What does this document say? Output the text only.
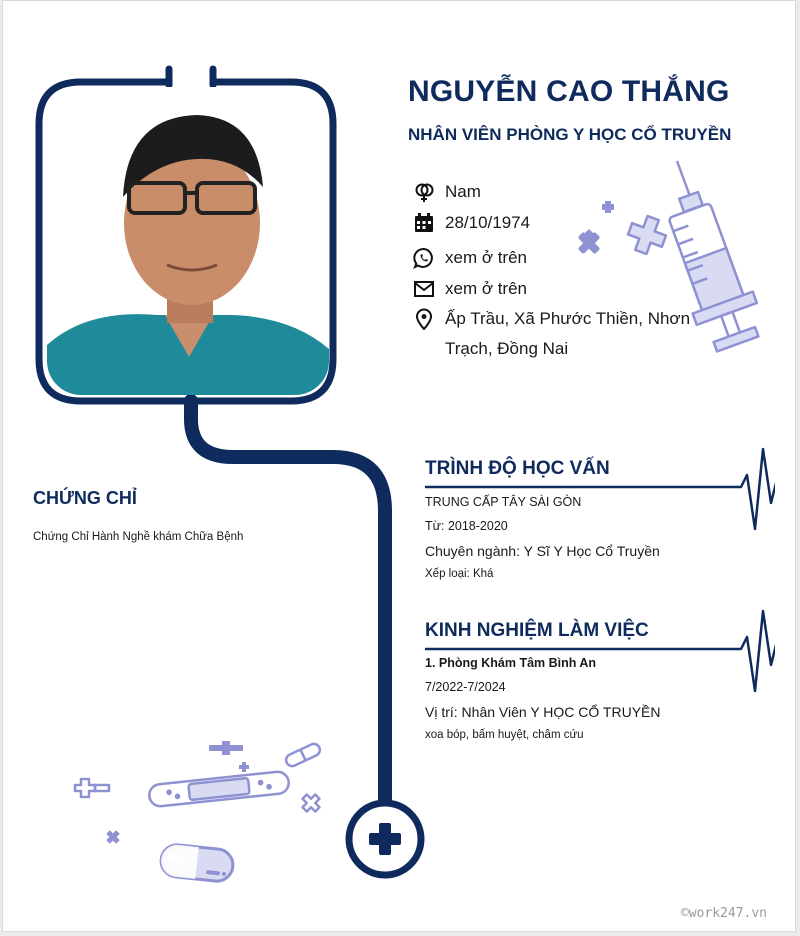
NGUYỄN CAO THẮNG
NHÂN VIÊN PHÒNG Y HỌC CỔ TRUYỀN
Nam
28/10/1974
xem ở trên
xem ở trên
Ấp Trầu, Xã Phước Thiền, Nhơn
Trạch, Đồng Nai
CHỨNG CHỈ
Chứng Chỉ Hành Nghề khám Chữa Bệnh
TRÌNH ĐỘ HỌC VẤN
TRUNG CẤP TÂY SÀI GÒN
Từ: 2018-2020
Chuyên ngành: Y Sĩ Y Học Cổ Truyền
Xếp loại: Khá
KINH NGHIỆM LÀM VIỆC
1. Phòng Khám Tâm Bình An
7/2022-7/2024
Vị trí: Nhân Viên Y HỌC CỔ TRUYỀN
xoa bóp, bấm huyệt, châm cứu
©work247.vn
